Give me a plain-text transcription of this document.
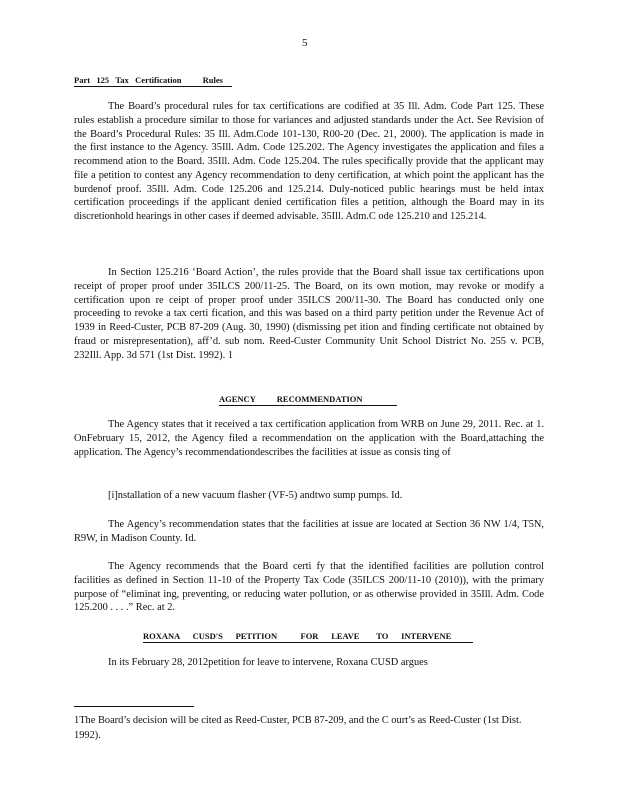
5
Part   125   Tax   Certification          Rules

The Board’s procedural rules for tax certifications are codified at 35 Ill. Adm. Code Part 125. These rules establish a procedure similar to those for variances and adjusted standards under the Act. See Revision of the Board’s Procedural Rules: 35 Ill. Adm.Code 101-130, R00-20 (Dec. 21, 2000). The application is made in the first instance to the Agency. 35Ill. Adm. Code 125.202. The Agency investigates the application and files a recommend ation to the Board. 35Ill. Adm. Code 125.204. The rules specifically provide that the applicant may file a petition to contest any Agency recommendation to deny certification, at which point the applicant has the burdenof proof. 35Ill. Adm. Code 125.206 and 125.214. Duly-noticed public hearings must be held intax certification proceedings if the applicant denied certification files a petition, although the Board may in its discretionhold hearings in other cases if deemed advisable. 35Ill. Adm.C ode 125.210 and 125.214.

In Section 125.216 ‘Board Action’, the rules provide that the Board shall issue tax certifications upon receipt of proper proof under 35ILCS 200/11-25. The Board, on its own motion, may revoke or modify a certification upon re ceipt of proper proof under 35ILCS 200/11-30. The Board has conducted only one proceeding to revoke a tax certi fication, and this was based on a third party petition under the Revenue Act of 1939 in Reed-Custer, PCB 87-209 (Aug. 30, 1990) (dismissing pet ition and finding certificate not obtained by fraud or misrepresentation), aff’d. sub nom. Reed-Custer Community Unit School District No. 255 v. PCB, 232Ill. App. 3d 571 (1st Dist. 1992). 1

AGENCY          RECOMMENDATION

The Agency states that it received a tax certification application from WRB on June 29, 2011. Rec. at 1. OnFebruary 15, 2012, the Agency filed a recommendation on the application with the Board,attaching the application. The Agency’s recommendationdescribes the facilities at issue as consis ting of

[i]nstallation of a new vacuum flasher (VF-5) andtwo sump pumps. Id.

The Agency’s recommendation states that the facilities at issue are located at Section 36 NW 1/4, T5N, R9W, in Madison County. Id.

The Agency recommends that the Board certi fy that the identified facilities are pollution control facilities as defined in Section 11-10 of the Property Tax Code (35ILCS 200/11-10 (2010)), with the primary purpose of “eliminat ing, preventing, or reducing water pollution, or as otherwise provided in 35Ill. Adm. Code 125.200 . . . .” Rec. at 2.

ROXANA      CUSD'S      PETITION           FOR      LEAVE        TO      INTERVENE

In its February 28, 2012petition for leave to intervene, Roxana CUSD argues

1The Board’s decision will be cited as Reed-Custer, PCB 87-209, and the C ourt’s as Reed-Custer (1st Dist. 1992).
